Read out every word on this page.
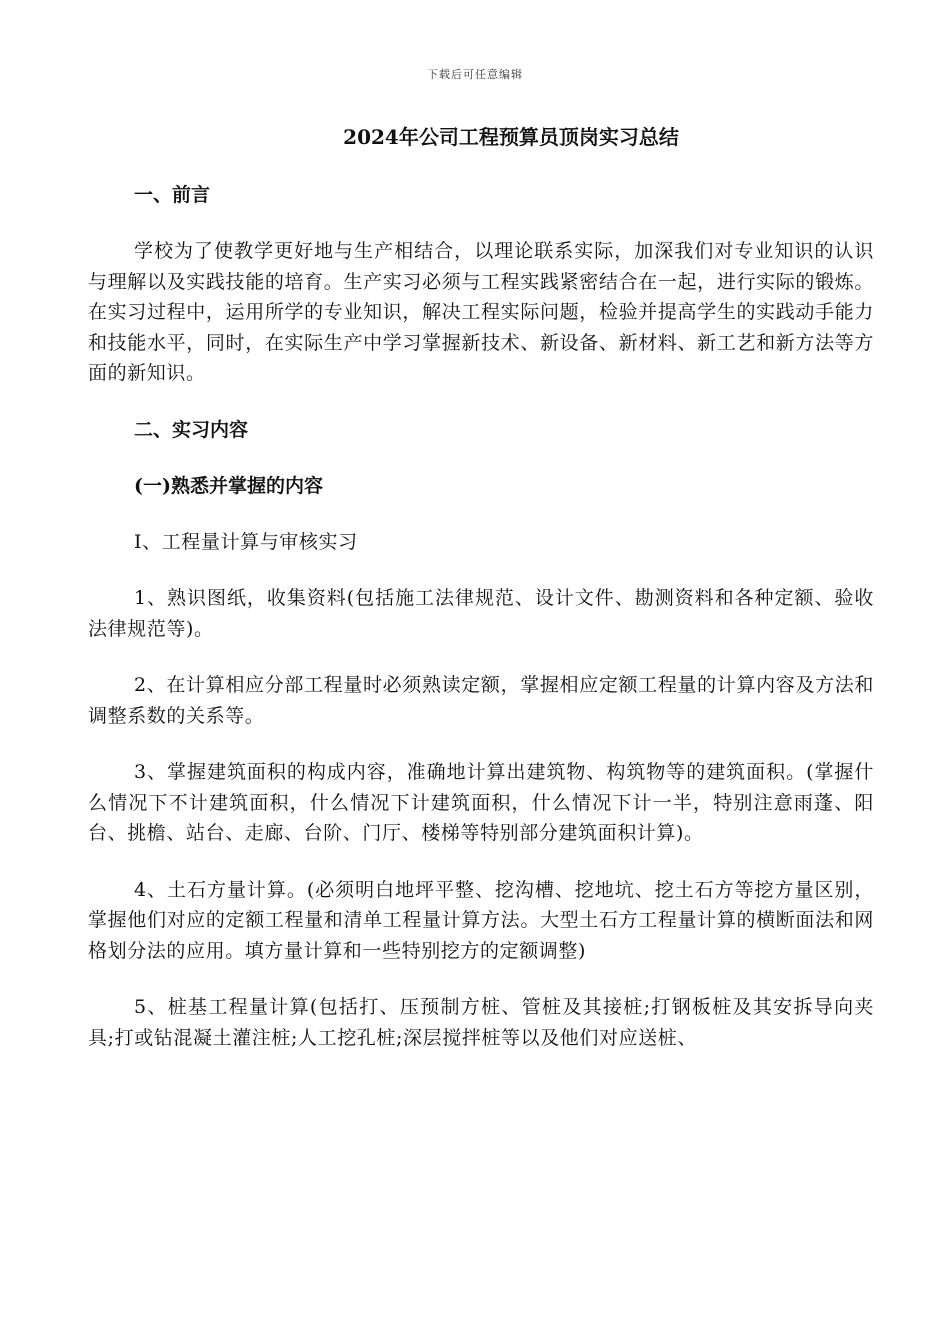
下载后可任意编辑
2024年公司工程预算员顶岗实习总结
一、前言

学校为了使教学更好地与生产相结合，以理论联系实际，加深我们对专业知识的认识与理解以及实践技能的培育。生产实习必须与工程实践紧密结合在一起，进行实际的锻炼。在实习过程中，运用所学的专业知识，解决工程实际问题，检验并提高学生的实践动手能力和技能水平，同时，在实际生产中学习掌握新技术、新设备、新材料、新工艺和新方法等方面的新知识。

二、实习内容
(一)熟悉并掌握的内容

I、工程量计算与审核实习

1、熟识图纸，收集资料(包括施工法律规范、设计文件、勘测资料和各种定额、验收法律规范等)。

2、在计算相应分部工程量时必须熟读定额，掌握相应定额工程量的计算内容及方法和调整系数的关系等。

3、掌握建筑面积的构成内容，准确地计算出建筑物、构筑物等的建筑面积。(掌握什么情况下不计建筑面积，什么情况下计建筑面积，什么情况下计一半，特别注意雨蓬、阳台、挑檐、站台、走廊、台阶、门厅、楼梯等特别部分建筑面积计算)。

4、土石方量计算。(必须明白地坪平整、挖沟槽、挖地坑、挖土石方等挖方量区别，掌握他们对应的定额工程量和清单工程量计算方法。大型土石方工程量计算的横断面法和网格划分法的应用。填方量计算和一些特别挖方的定额调整)

5、桩基工程量计算(包括打、压预制方桩、管桩及其接桩;打钢板桩及其安拆导向夹具;打或钻混凝土灌注桩;人工挖孔桩;深层搅拌桩等以及他们对应送桩、
